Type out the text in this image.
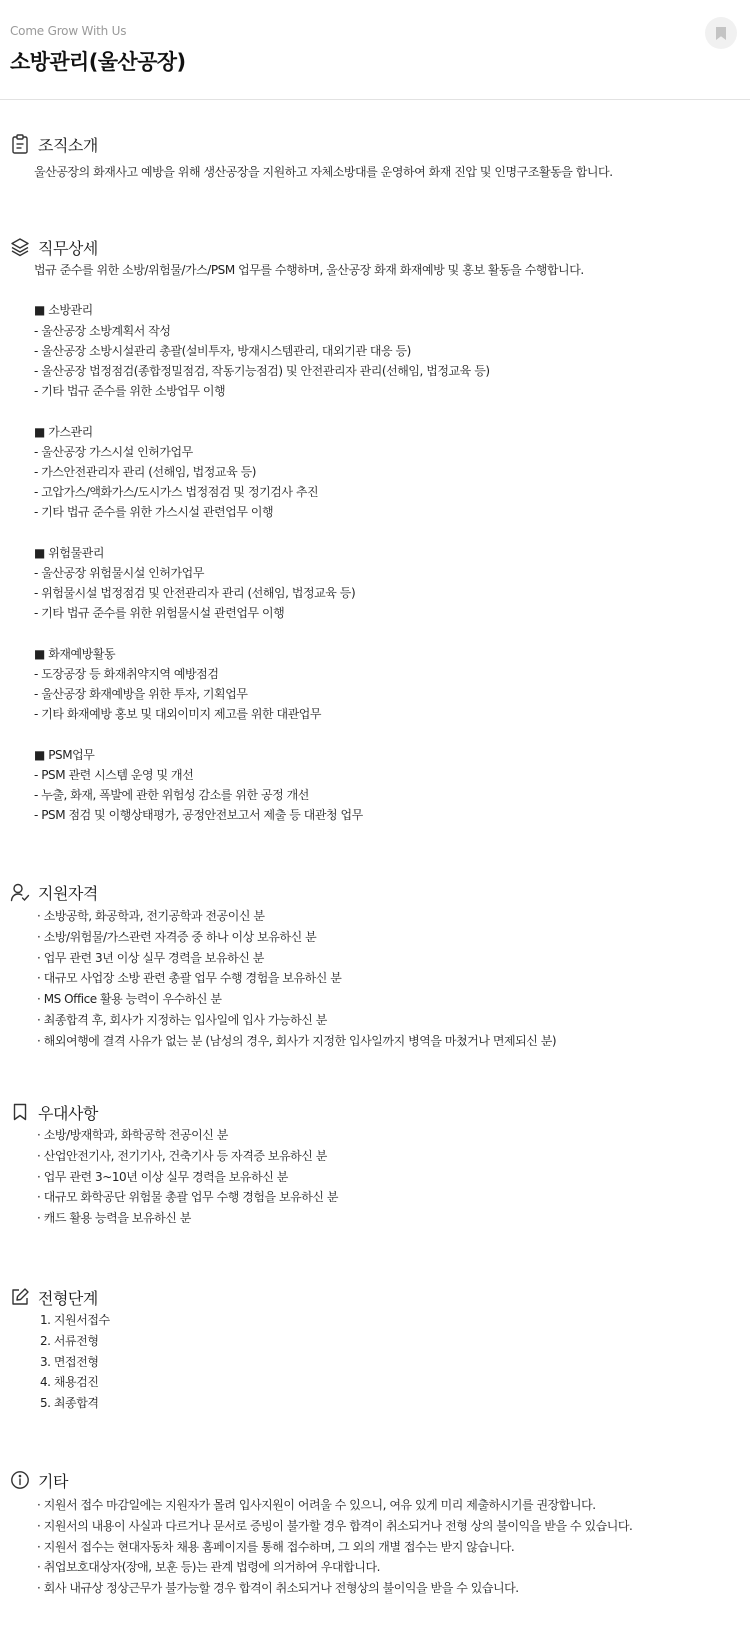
Come Grow With Us
소방관리(울산공장)
조직소개
울산공장의 화재사고 예방을 위해 생산공장을 지원하고 자체소방대를 운영하여 화재 진압 및 인명구조활동을 합니다.
직무상세
법규 준수를 위한 소방/위험물/가스/PSM 업무를 수행하며, 울산공장 화재 화재예방 및 홍보 활동을 수행합니다.
■ 소방관리
- 울산공장 소방계획서 작성
- 울산공장 소방시설관리 총괄(설비투자, 방재시스템관리, 대외기관 대응 등)
- 울산공장 법정점검(종합정밀점검, 작동기능점검) 및 안전관리자 관리(선해임, 법정교육 등)
- 기타 법규 준수를 위한 소방업무 이행
■ 가스관리
- 울산공장 가스시설 인허가업무
- 가스안전관리자 관리 (선해임, 법정교육 등)
- 고압가스/액화가스/도시가스 법정점검 및 정기검사 추진
- 기타 법규 준수를 위한 가스시설 관련업무 이행
■ 위험물관리
- 울산공장 위험물시설 인허가업무
- 위험물시설 법정점검 및 안전관리자 관리 (선해임, 법정교육 등)
- 기타 법규 준수를 위한 위험물시설 관련업무 이행
■ 화재예방활동
- 도장공장 등 화재취약지역 예방점검
- 울산공장 화재예방을 위한 투자, 기획업무
- 기타 화재예방 홍보 및 대외이미지 제고를 위한 대관업무
■ PSM업무
- PSM 관련 시스템 운영 및 개선
- 누출, 화재, 폭발에 관한 위험성 감소를 위한 공정 개선
- PSM 점검 및 이행상태평가, 공정안전보고서 제출 등 대관청 업무
지원자격
· 소방공학, 화공학과, 전기공학과 전공이신 분
· 소방/위험물/가스관련 자격증 중 하나 이상 보유하신 분
· 업무 관련 3년 이상 실무 경력을 보유하신 분
· 대규모 사업장 소방 관련 총괄 업무 수행 경험을 보유하신 분
· MS Office 활용 능력이 우수하신 분
· 최종합격 후, 회사가 지정하는 입사일에 입사 가능하신 분
· 해외여행에 결격 사유가 없는 분 (남성의 경우, 회사가 지정한 입사일까지 병역을 마쳤거나 면제되신 분)
우대사항
· 소방/방재학과, 화학공학 전공이신 분
· 산업안전기사, 전기기사, 건축기사 등 자격증 보유하신 분
· 업무 관련 3~10년 이상 실무 경력을 보유하신 분
· 대규모 화학공단 위험물 총괄 업무 수행 경험을 보유하신 분
· 캐드 활용 능력을 보유하신 분
전형단계
1. 지원서접수
2. 서류전형
3. 면접전형
4. 채용검진
5. 최종합격
기타
· 지원서 접수 마감일에는 지원자가 몰려 입사지원이 어려울 수 있으니, 여유 있게 미리 제출하시기를 권장합니다.
· 지원서의 내용이 사실과 다르거나 문서로 증빙이 불가할 경우 합격이 취소되거나 전형 상의 불이익을 받을 수 있습니다.
· 지원서 접수는 현대자동차 채용 홈페이지를 통해 접수하며, 그 외의 개별 접수는 받지 않습니다.
· 취업보호대상자(장애, 보훈 등)는 관계 법령에 의거하여 우대합니다.
· 회사 내규상 정상근무가 불가능할 경우 합격이 취소되거나 전형상의 불이익을 받을 수 있습니다.
